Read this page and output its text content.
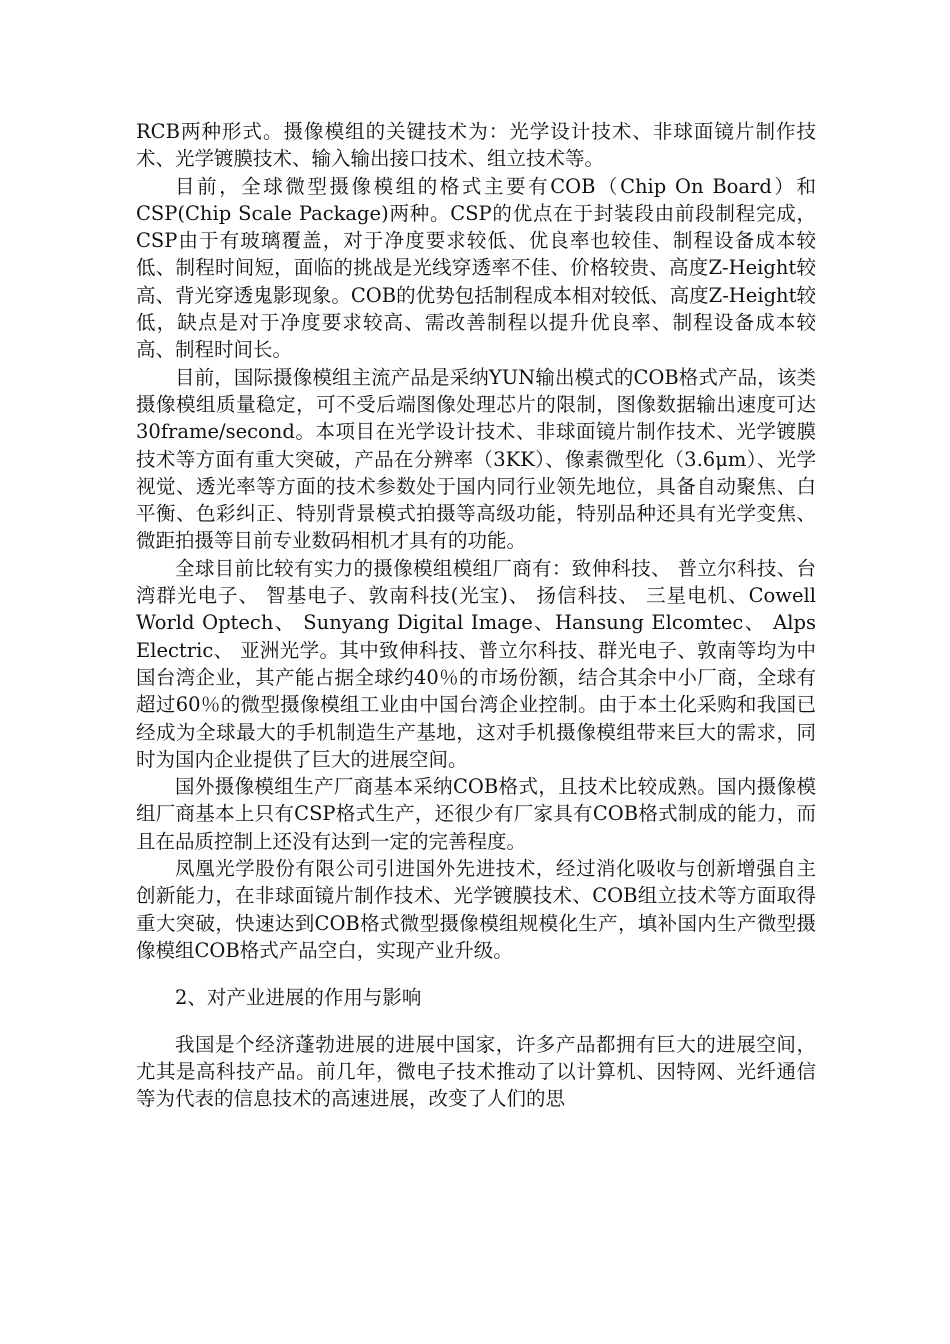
RCB两种形式。摄像模组的关键技术为：光学设计技术、非球面镜片制作技术、光学镀膜技术、输入输出接口技术、组立技术等。

目前，全球微型摄像模组的格式主要有COB（Chip On Board）和CSP(Chip Scale Package)两种。CSP的优点在于封装段由前段制程完成，CSP由于有玻璃覆盖，对于净度要求较低、优良率也较佳、制程设备成本较低、制程时间短，面临的挑战是光线穿透率不佳、价格较贵、高度Z-Height较高、背光穿透鬼影现象。COB的优势包括制程成本相对较低、高度Z-Height较低，缺点是对于净度要求较高、需改善制程以提升优良率、制程设备成本较高、制程时间长。

目前，国际摄像模组主流产品是采纳YUN输出模式的COB格式产品，该类摄像模组质量稳定，可不受后端图像处理芯片的限制，图像数据输出速度可达30frame/second。本项目在光学设计技术、非球面镜片制作技术、光学镀膜技术等方面有重大突破，产品在分辨率（3KK）、像素微型化（3.6μm）、光学视觉、透光率等方面的技术参数处于国内同行业领先地位，具备自动聚焦、白平衡、色彩纠正、特别背景模式拍摄等高级功能，特别品种还具有光学变焦、微距拍摄等目前专业数码相机才具有的功能。

全球目前比较有实力的摄像模组模组厂商有：致伸科技、 普立尔科技、台湾群光电子、 智基电子、敦南科技(光宝)、 扬信科技、 三星电机、Cowell World Optech、 Sunyang Digital Image、Hansung Elcomtec、 Alps Electric、 亚洲光学。其中致伸科技、普立尔科技、群光电子、敦南等均为中国台湾企业，其产能占据全球约40％的市场份额，结合其余中小厂商，全球有超过60％的微型摄像模组工业由中国台湾企业控制。由于本土化采购和我国已经成为全球最大的手机制造生产基地，这对手机摄像模组带来巨大的需求，同时为国内企业提供了巨大的进展空间。

国外摄像模组生产厂商基本采纳COB格式，且技术比较成熟。国内摄像模组厂商基本上只有CSP格式生产，还很少有厂家具有COB格式制成的能力，而且在品质控制上还没有达到一定的完善程度。

凤凰光学股份有限公司引进国外先进技术，经过消化吸收与创新增强自主创新能力，在非球面镜片制作技术、光学镀膜技术、COB组立技术等方面取得重大突破，快速达到COB格式微型摄像模组规模化生产，填补国内生产微型摄像模组COB格式产品空白，实现产业升级。

2、对产业进展的作用与影响

我国是个经济蓬勃进展的进展中国家，许多产品都拥有巨大的进展空间，尤其是高科技产品。前几年，微电子技术推动了以计算机、因特网、光纤通信等为代表的信息技术的高速进展，改变了人们的思
